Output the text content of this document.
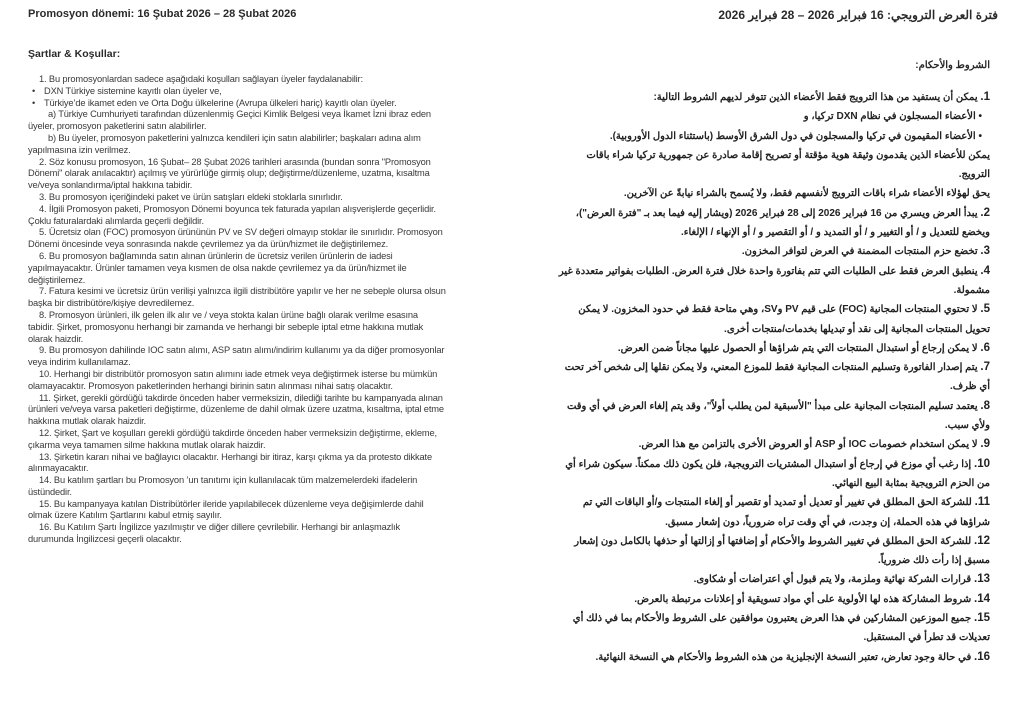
Promosyon dönemi: 16 Şubat 2026 – 28 Şubat 2026
Şartlar & Koşullar:

1. Bu promosyonlardan sadece aşağıdaki koşulları sağlayan üyeler faydalanabilir:

• DXN Türkiye sistemine kayıtlı olan üyeler ve,

• Türkiye’de ikamet eden ve Orta Doğu ülkelerine (Avrupa ülkeleri hariç) kayıtlı olan üyeler.

a) Türkiye Cumhuriyeti tarafından düzenlenmiş Geçici Kimlik Belgesi veya İkamet İzni ibraz eden üyeler, promosyon paketlerini satın alabilirler.

b) Bu üyeler, promosyon paketlerini yalnızca kendileri için satın alabilirler; başkaları adına alım yapılmasına izin verilmez.

2. Söz konusu promosyon, 16 Şubat– 28 Şubat 2026 tarihleri arasında (bundan sonra "Promosyon Dönemi" olarak anılacaktır) açılmış ve yürürlüğe girmiş olup; değiştirme/düzenleme, uzatma, kısaltma ve/veya sonlandırma/iptal hakkına tabidir.

3. Bu promosyon içeriğindeki paket ve ürün satışları eldeki stoklarla sınırlıdır.

4. İlgili Promosyon paketi, Promosyon Dönemi boyunca tek faturada yapılan alışverişlerde geçerlidir. Çoklu faturalardaki alımlarda geçerli değildir.

5. Ücretsiz olan (FOC) promosyon ürününün PV ve SV değeri olmayıp stoklar ile sınırlıdır. Promosyon Dönemi öncesinde veya sonrasında nakde çevrilemez ya da ürün/hizmet ile değiştirilemez.

6. Bu promosyon bağlamında satın alınan ürünlerin de ücretsiz verilen ürünlerin de iadesi yapılmayacaktır. Ürünler tamamen veya kısmen de olsa nakde çevrilemez ya da ürün/hizmet ile değiştirilemez.

7. Fatura kesimi ve ücretsiz ürün verilişi yalnızca ilgili distribütöre yapılır ve her ne sebeple olursa olsun başka bir distribütöre/kişiye devredilemez.

8. Promosyon ürünleri, ilk gelen ilk alır ve / veya stokta kalan ürüne bağlı olarak verilme esasına tabidir. Şirket, promosyonu herhangi bir zamanda ve herhangi bir sebeple iptal etme hakkına mutlak olarak haizdir.

9. Bu promosyon dahilinde IOC satın alımı, ASP satın alımı/indirim kullanımı ya da diğer promosyonlar veya indirim kullanılamaz.

10. Herhangi bir distribütör promosyon satın alımını iade etmek veya değiştirmek isterse bu mümkün olamayacaktır. Promosyon paketlerinden herhangi birinin satın alınması nihai satış olacaktır.

11. Şirket, gerekli gördüğü takdirde önceden haber vermeksizin, dilediği tarihte bu kampanyada alınan ürünleri ve/veya varsa paketleri değiştirme, düzenleme de dahil olmak üzere uzatma, kısaltma, iptal etme hakkına mutlak olarak haizdir.

12. Şirket, Şart ve koşulları gerekli gördüğü takdirde önceden haber vermeksizin değiştirme, ekleme, çıkarma veya tamamen silme hakkına mutlak olarak haizdir.

13. Şirketin kararı nihai ve bağlayıcı olacaktır. Herhangi bir itiraz, karşı çıkma ya da protesto dikkate alınmayacaktır.

14. Bu katılım şartları bu Promosyon ’un tanıtımı için kullanılacak tüm malzemelerdeki ifadelerin üstündedir.

15. Bu kampanyaya katılan Distribütörler ileride yapılabilecek düzenleme veya değişimlerde dahil olmak üzere Katılım Şartlarını kabul etmiş sayılır.

16. Bu Katılım Şartı İngilizce yazılmıştır ve diğer dillere çevrilebilir. Herhangi bir anlaşmazlık durumunda İngilizcesi geçerli olacaktır.

فترة العرض الترويجي: 16 فبراير 2026 – 28 فبراير 2026
الشروط والأحكام:

1. يمكن أن يستفيد من هذا الترويج فقط الأعضاء الذين تتوفر لديهم الشروط التالية:

• الأعضاء المسجلون في نظام DXN تركيا، و

• الأعضاء المقيمون في تركيا والمسجلون في دول الشرق الأوسط (باستثناء الدول الأوروبية).

يمكن للأعضاء الذين يقدمون وثيقة هوية مؤقتة أو تصريح إقامة صادرة عن جمهورية تركيا شراء باقات الترويج.

يحق لهؤلاء الأعضاء شراء باقات الترويج لأنفسهم فقط، ولا يُسمح بالشراء نيابةً عن الآخرين.

2. يبدأ العرض ويسري من 16 فبراير 2026 إلى 28 فبراير 2026 (ويشار إليه فيما بعد بـ "فترة العرض")، ويخضع للتعديل و / أو التغيير و / أو التمديد و / أو التقصير و / أو الإنهاء / الإلغاء.

3. تخضع حزم المنتجات المضمنة في العرض لتوافر المخزون.

4. ينطبق العرض فقط على الطلبات التي تتم بفاتورة واحدة خلال فترة العرض. الطلبات بفواتير متعددة غير مشمولة.

5. لا تحتوي المنتجات المجانية (FOC) على قيم PV وSV، وهي متاحة فقط في حدود المخزون. لا يمكن تحويل المنتجات المجانية إلى نقد أو تبديلها بخدمات/منتجات أخرى.

6. لا يمكن إرجاع أو استبدال المنتجات التي يتم شراؤها أو الحصول عليها مجاناً ضمن العرض.

7. يتم إصدار الفاتورة وتسليم المنتجات المجانية فقط للموزع المعني، ولا يمكن نقلها إلى شخص آخر تحت أي ظرف.

8. يعتمد تسليم المنتجات المجانية على مبدأ "الأسبقية لمن يطلب أولاً"، وقد يتم إلغاء العرض في أي وقت ولأي سبب.

9. لا يمكن استخدام خصومات IOC أو ASP أو العروض الأخرى بالتزامن مع هذا العرض.

10. إذا رغب أي موزع في إرجاع أو استبدال المشتريات الترويجية، فلن يكون ذلك ممكناً. سيكون شراء أي من الحزم الترويجية بمثابة البيع النهائي.

11. للشركة الحق المطلق في تغيير أو تعديل أو تمديد أو تقصير أو إلغاء المنتجات و/أو الباقات التي تم شراؤها في هذه الحملة، إن وجدت، في أي وقت تراه ضرورياً، دون إشعار مسبق.

12. للشركة الحق المطلق في تغيير الشروط والأحكام أو إضافتها أو إزالتها أو حذفها بالكامل دون إشعار مسبق إذا رأت ذلك ضرورياً.

13. قرارات الشركة نهائية وملزمة، ولا يتم قبول أي اعتراضات أو شكاوى.

14. شروط المشاركة هذه لها الأولوية على أي مواد تسويقية أو إعلانات مرتبطة بالعرض.

15. جميع الموزعين المشاركين في هذا العرض يعتبرون موافقين على الشروط والأحكام بما في ذلك أي تعديلات قد تطرأ في المستقبل.

16. في حالة وجود تعارض، تعتبر النسخة الإنجليزية من هذه الشروط والأحكام هي النسخة النهائية.
